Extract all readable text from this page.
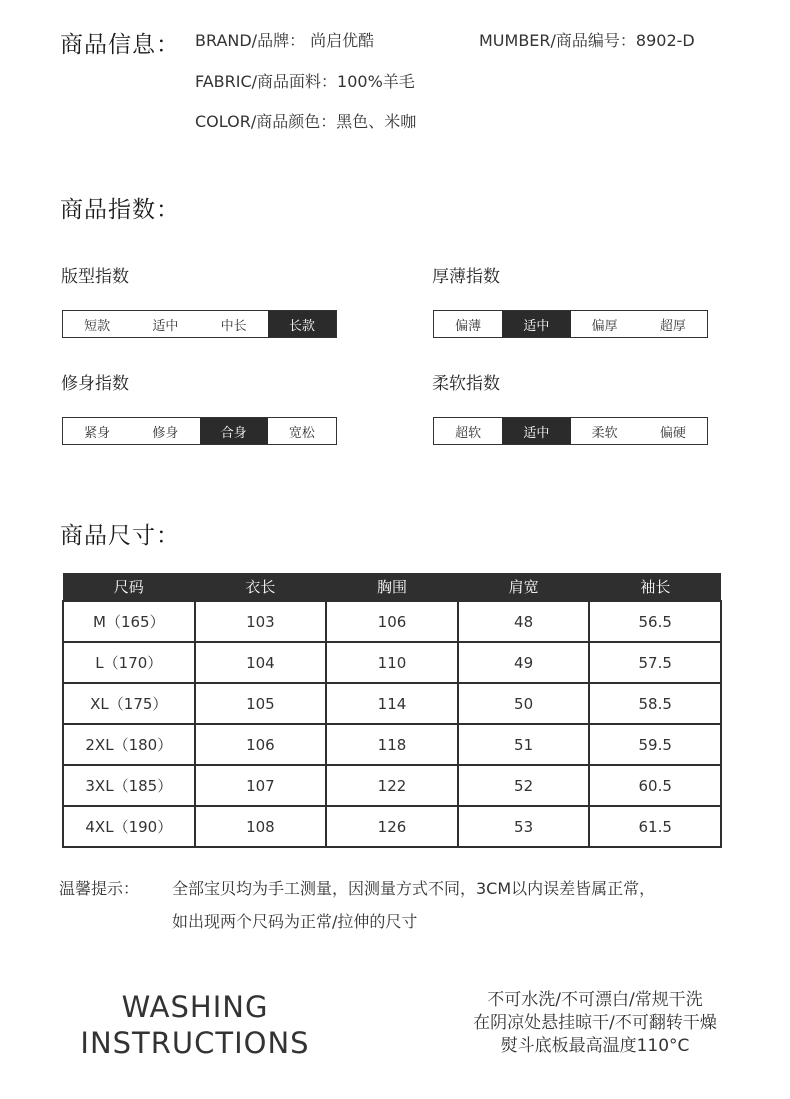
商品信息： BRAND/品牌： 尚启优酷	MUMBER/商品编号：8902-D
FABRIC/商品面料：100%羊毛
COLOR/商品颜色：黑色、米咖
商品指数：
版型指数
短款	适中	中长	长款
厚薄指数
偏薄	适中	偏厚	超厚
修身指数
紧身	修身	合身	宽松
柔软指数
超软	适中	柔软	偏硬
商品尺寸：
尺码	衣长	胸围	肩宽	袖长
M（165）	103	106	48	56.5
L（170）	104	110	49	57.5
XL（175）	105	114	50	58.5
2XL（180）	106	118	51	59.5
3XL（185）	107	122	52	60.5
4XL（190）	108	126	53	61.5
温馨提示： 全部宝贝均为手工测量，因测量方式不同，3CM以内误差皆属正常，
如出现两个尺码为正常/拉伸的尺寸
WASHING
INSTRUCTIONS
不可水洗/不可漂白/常规干洗
在阴凉处悬挂晾干/不可翻转干燥
熨斗底板最高温度110°C
